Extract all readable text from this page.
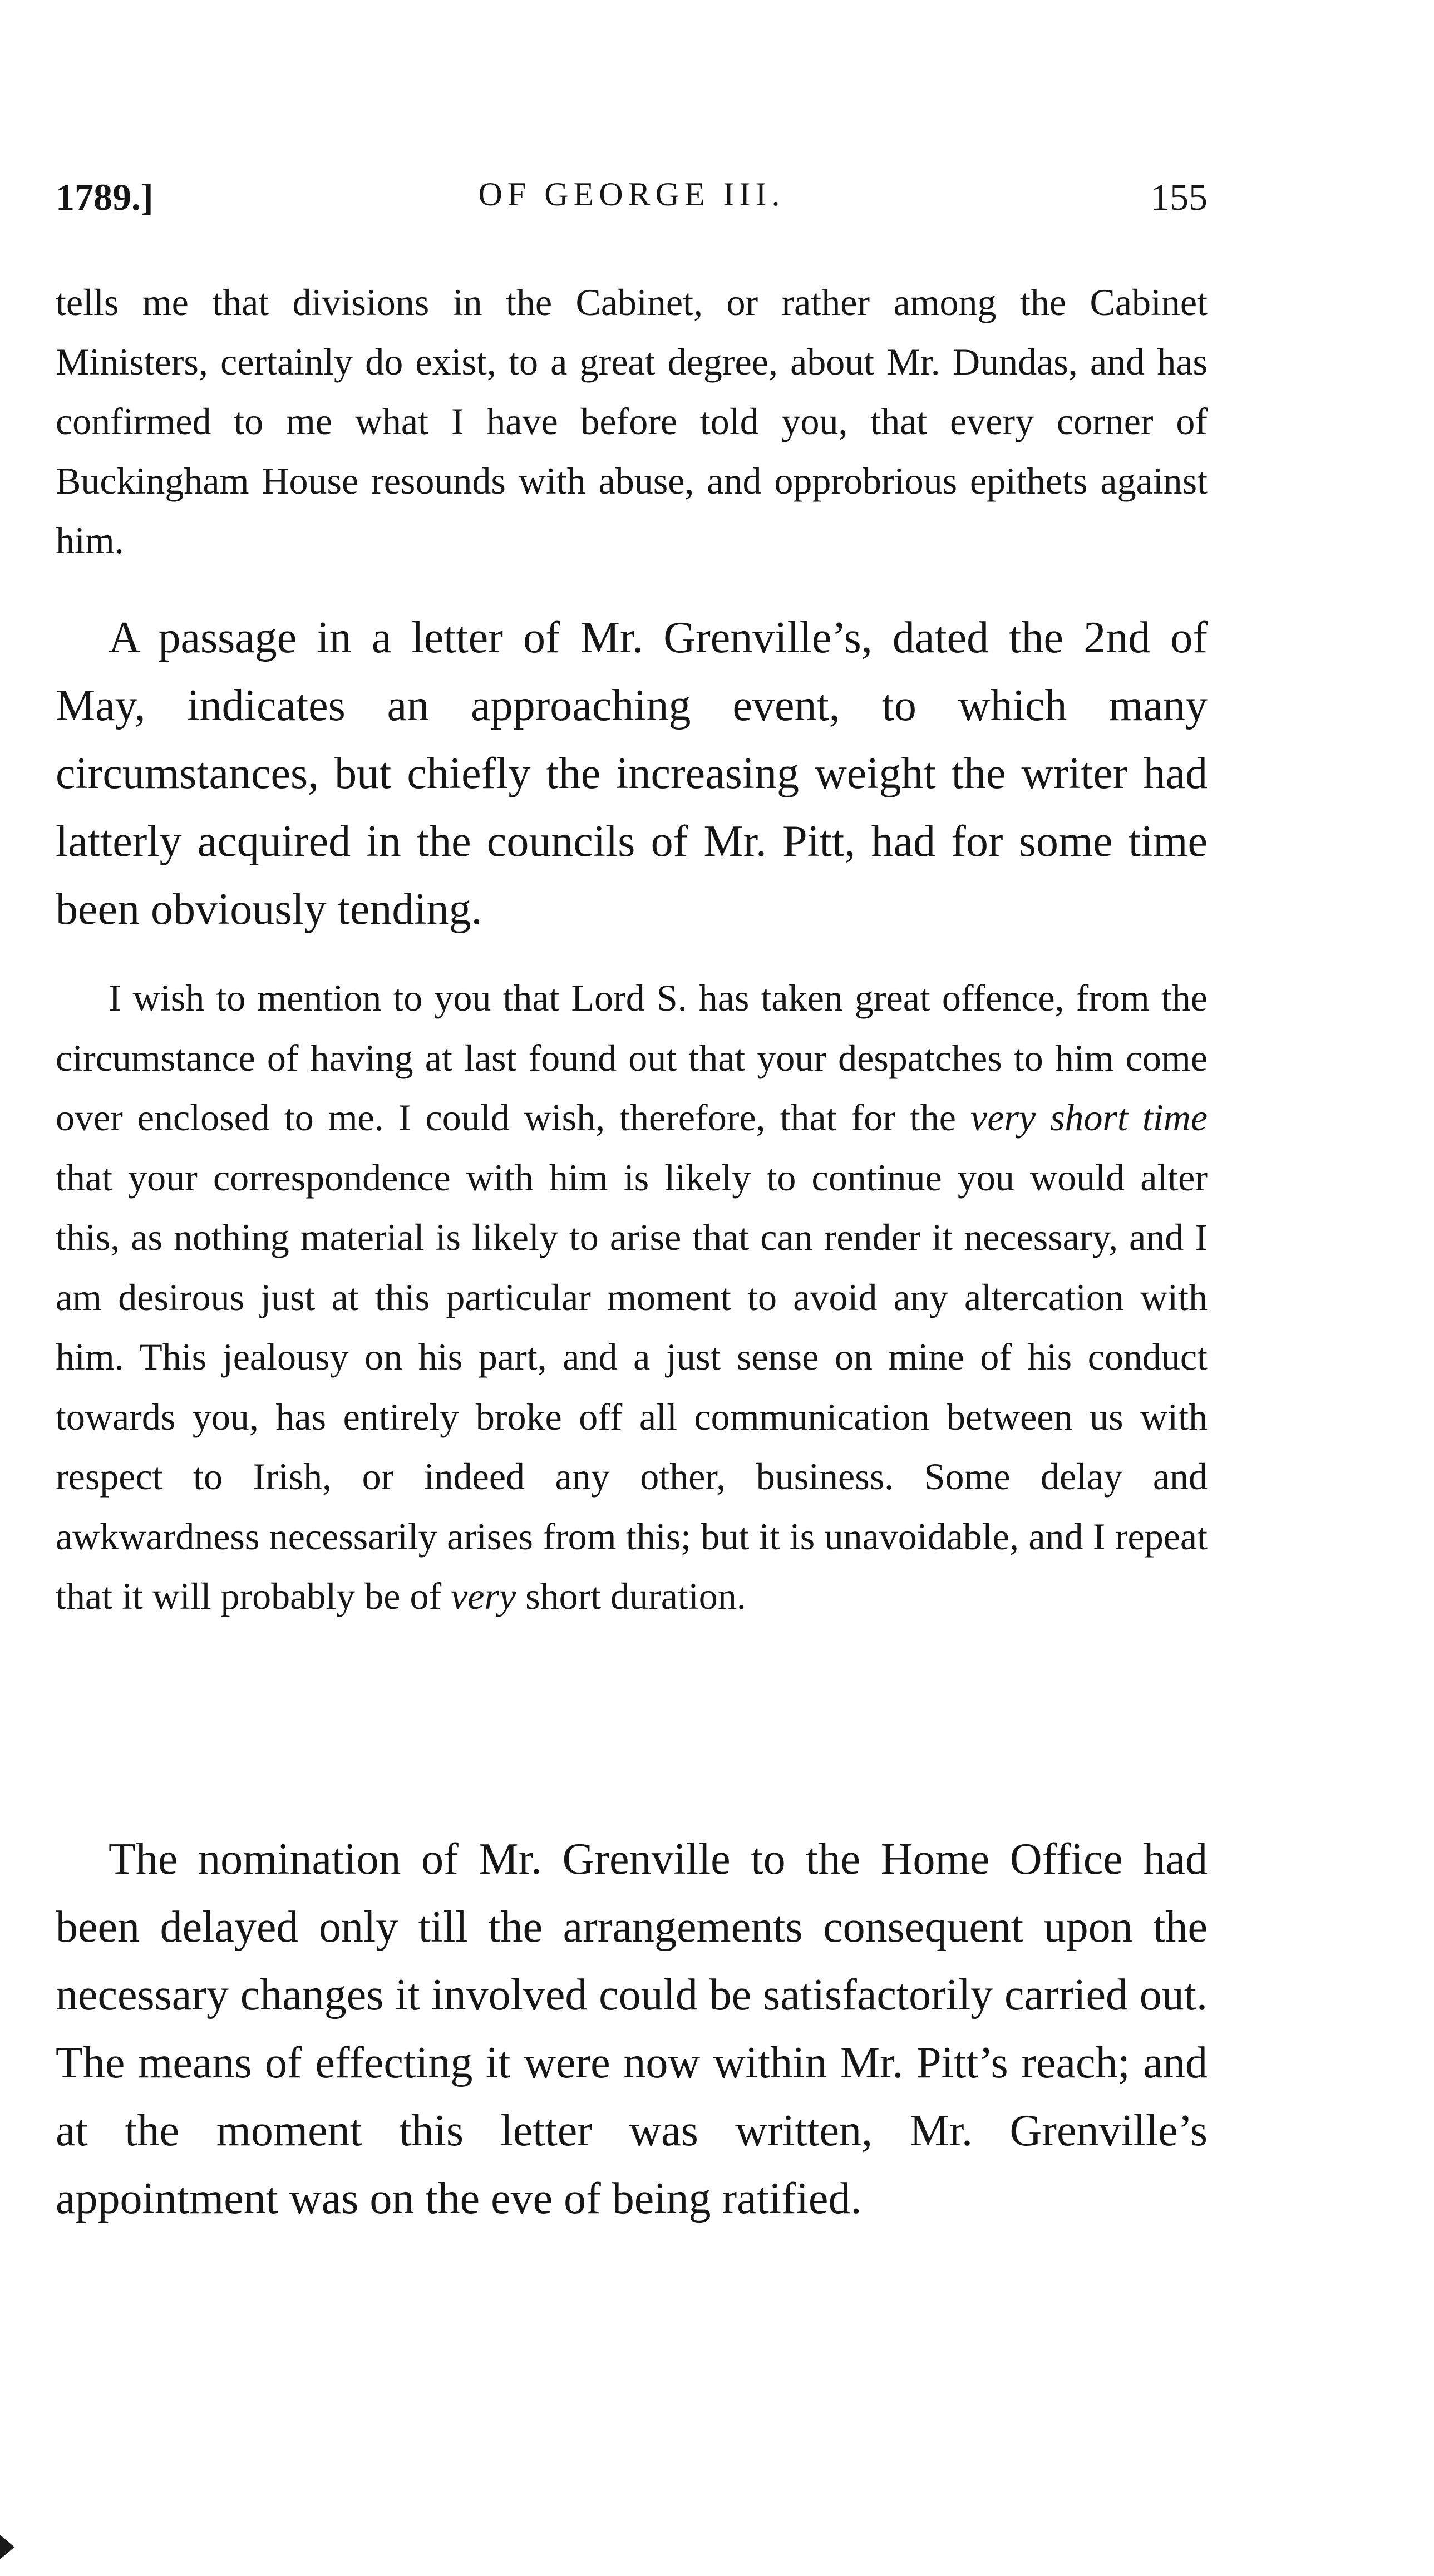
OF GEORGE III.
1789.]	155

tells me that divisions in the Cabinet, or rather among the Cabinet Ministers, certainly do exist, to a great degree, about Mr. Dundas, and has confirmed to me what I have before told you, that every corner of Buckingham House resounds with abuse, and opprobrious epithets against him.

A passage in a letter of Mr. Grenville’s, dated the 2nd of May, indicates an approaching event, to which many circumstances, but chiefly the increasing weight the writer had latterly acquired in the councils of Mr. Pitt, had for some time been obviously tending.

I wish to mention to you that Lord S. has taken great offence, from the circumstance of having at last found out that your despatches to him come over enclosed to me. I could wish, therefore, that for the very short time that your correspondence with him is likely to continue you would alter this, as nothing material is likely to arise that can render it necessary, and I am desirous just at this particular moment to avoid any altercation with him. This jealousy on his part, and a just sense on mine of his conduct towards you, has entirely broke off all communication between us with respect to Irish, or indeed any other, business. Some delay and awkwardness necessarily arises from this; but it is unavoidable, and I repeat that it will probably be of very short duration.

The nomination of Mr. Grenville to the Home Office had been delayed only till the arrangements consequent upon the necessary changes it involved could be satisfactorily carried out. The means of effecting it were now within Mr. Pitt’s reach; and at the moment this letter was written, Mr. Grenville’s appointment was on the eve of being ratified.
